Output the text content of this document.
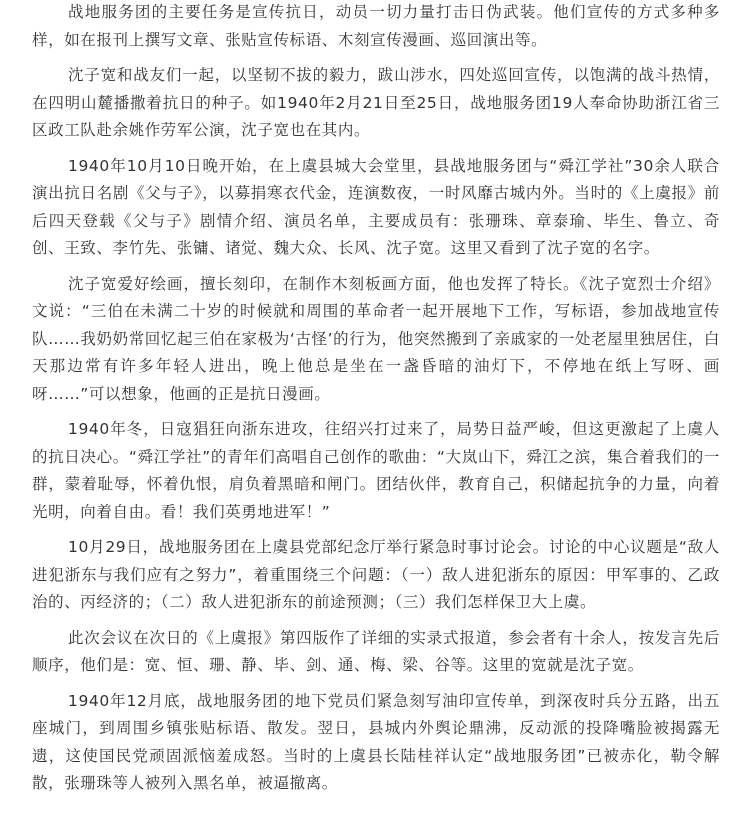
战地服务团的主要任务是宣传抗日，动员一切力量打击日伪武装。他们宣传的方式多种多样，如在报刊上撰写文章、张贴宣传标语、木刻宣传漫画、巡回演出等。

沈子宽和战友们一起，以坚韧不拔的毅力，跋山涉水，四处巡回宣传，以饱满的战斗热情，在四明山麓播撒着抗日的种子。如1940年2月21日至25日，战地服务团19人奉命协助浙江省三区政工队赴余姚作劳军公演，沈子宽也在其内。

1940年10月10日晚开始，在上虞县城大会堂里，县战地服务团与“舜江学社”30余人联合演出抗日名剧《父与子》，以募捐寒衣代金，连演数夜，一时风靡古城内外。当时的《上虞报》前后四天登载《父与子》剧情介绍、演员名单，主要成员有：张珊珠、章泰瑜、毕生、鲁立、奇创、王致、李竹先、张镛、诸觉、魏大众、长风、沈子宽。这里又看到了沈子宽的名字。

沈子宽爱好绘画，擅长刻印，在制作木刻板画方面，他也发挥了特长。《沈子宽烈士介绍》文说：“三伯在未满二十岁的时候就和周围的革命者一起开展地下工作，写标语，参加战地宣传队……我奶奶常回忆起三伯在家极为‘古怪’的行为，他突然搬到了亲戚家的一处老屋里独居住，白天那边常有许多年轻人进出，晚上他总是坐在一盏昏暗的油灯下，不停地在纸上写呀、画呀……”可以想象，他画的正是抗日漫画。

1940年冬，日寇猖狂向浙东进攻，往绍兴打过来了，局势日益严峻，但这更激起了上虞人的抗日决心。“舜江学社”的青年们高唱自己创作的歌曲：“大岚山下，舜江之滨，集合着我们的一群，蒙着耻辱，怀着仇恨，肩负着黑暗和闸门。团结伙伴，教育自己，积储起抗争的力量，向着光明，向着自由。看！我们英勇地进军！”

10月29日，战地服务团在上虞县党部纪念厅举行紧急时事讨论会。讨论的中心议题是“敌人进犯浙东与我们应有之努力”，着重围绕三个问题：（一）敌人进犯浙东的原因：甲军事的、乙政治的、丙经济的；（二）敌人进犯浙东的前途预测；（三）我们怎样保卫大上虞。

此次会议在次日的《上虞报》第四版作了详细的实录式报道，参会者有十余人，按发言先后顺序，他们是：宽、恒、珊、静、毕、剑、通、梅、梁、谷等。这里的宽就是沈子宽。

1940年12月底，战地服务团的地下党员们紧急刻写油印宣传单，到深夜时兵分五路，出五座城门，到周围乡镇张贴标语、散发。翌日，县城内外舆论鼎沸，反动派的投降嘴脸被揭露无遗，这使国民党顽固派恼羞成怒。当时的上虞县长陆桂祥认定“战地服务团”已被赤化，勒令解散，张珊珠等人被列入黑名单，被逼撤离。
